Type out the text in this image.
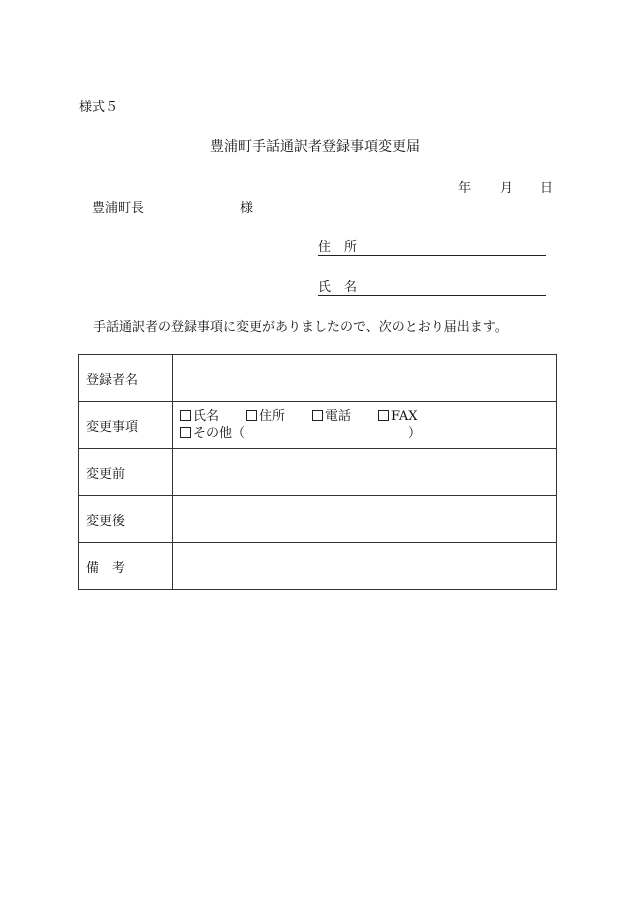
様式５
豊浦町手話通訳者登録事項変更届
年 月 日
豊浦町長	様
住　所
氏　名
手話通訳者の登録事項に変更がありましたので、次のとおり届出ます。
登録者名	
変更事項	氏名 住所 電話 FAX
その他（ ）

変更前	
変更後	
備　考	
